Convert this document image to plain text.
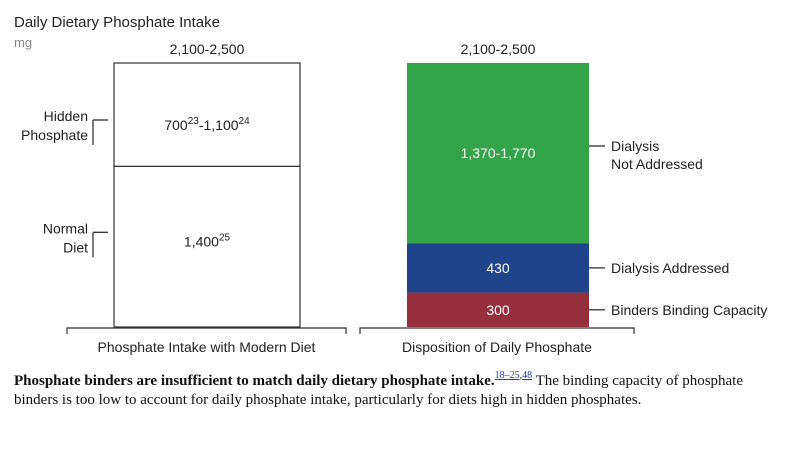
Daily Dietary Phosphate Intake
mg	2,100-2,500
Phosphate Intake with Modern Diet
1,400$^{25}$
Normal
Diet
$700^{23}-1,100^{24}$
Hidden
Phosphate
2,100-2,500
Disposition of Daily Phosphate
300	Binders Binding Capacity
430	Dialysis Addressed
1,370-1,770	Dialysis
Not Addressed
Phosphate binders are insufficient to match daily dietary phosphate intake.$^{18-25,48}$ The binding capacity of phosphate binders is too low to account for daily phosphate intake, particularly for diets high in hidden phosphates.
